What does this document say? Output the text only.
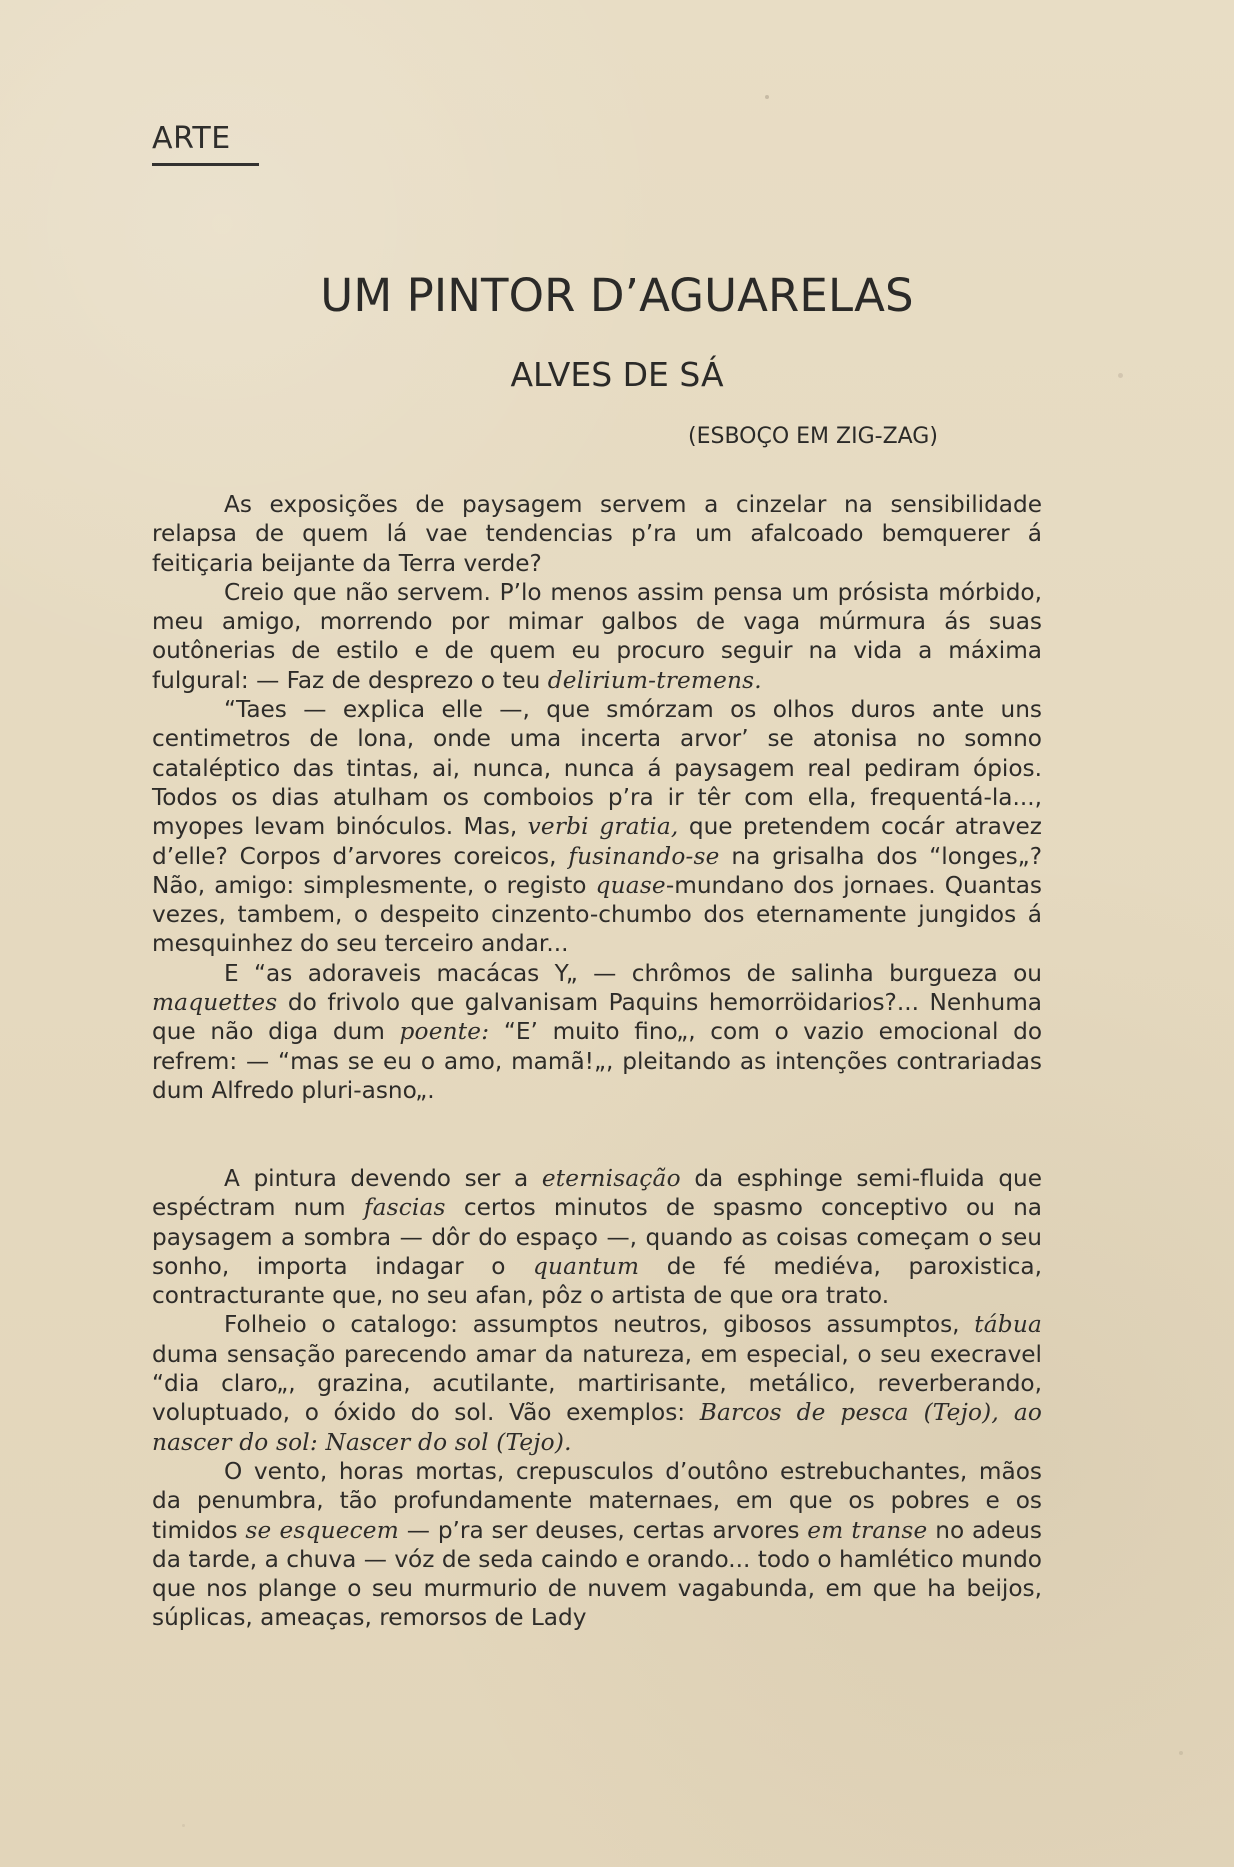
ARTE
UM PINTOR D’AGUARELAS
ALVES DE SÁ
(ESBOÇO EM ZIG-ZAG)

As exposições de paysagem servem a cinzelar na sensibilidade relapsa de quem lá vae tendencias p’ra um afalcoado bemquerer á feitiçaria beijante da Terra verde?

Creio que não servem. P’lo menos assim pensa um prósista mórbido, meu amigo, morrendo por mimar galbos de vaga múrmura ás suas outônerias de estilo e de quem eu procuro seguir na vida a máxima fulgural: — Faz de desprezo o teu delirium-tremens.

“Taes — explica elle —, que smórzam os olhos duros ante uns centimetros de lona, onde uma incerta arvor’ se atonisa no somno cataléptico das tintas, ai, nunca, nunca á paysagem real pediram ópios. Todos os dias atulham os comboios p’ra ir têr com ella, frequentá-la..., myopes levam binóculos. Mas, verbi gratia, que pretendem cocár atravez d’elle? Corpos d’arvores coreicos, fusinando-se na grisalha dos “longes„? Não, amigo: simplesmente, o registo quase-mundano dos jornaes. Quantas vezes, tambem, o despeito cinzento-chumbo dos eternamente jungidos á mesquinhez do seu terceiro andar...

E “as adoraveis macácas Y„ — chrômos de salinha burgueza ou maquettes do frivolo que galvanisam Paquins hemorröidarios?... Nenhuma que não diga dum poente: “E’ muito fino„, com o vazio emocional do refrem: — “mas se eu o amo, mamã!„, pleitando as intenções contrariadas dum Alfredo pluri-asno„.

A pintura devendo ser a eternisação da esphinge semi-fluida que espéctram num fascias certos minutos de spasmo conceptivo ou na paysagem a sombra — dôr do espaço —, quando as coisas começam o seu sonho, importa indagar o quantum de fé mediéva, paroxistica, contracturante que, no seu afan, pôz o artista de que ora trato.

Folheio o catalogo: assumptos neutros, gibosos assumptos, tábua duma sensação parecendo amar da natureza, em especial, o seu execravel “dia claro„, grazina, acutilante, martirisante, metálico, reverberando, voluptuado, o óxido do sol. Vão exemplos: Barcos de pesca (Tejo), ao nascer do sol: Nascer do sol (Tejo).

O vento, horas mortas, crepusculos d’outôno estrebuchantes, mãos da penumbra, tão profundamente maternaes, em que os pobres e os timidos se esquecem — p’ra ser deuses, certas arvores em transe no adeus da tarde, a chuva — vóz de seda caindo e orando... todo o hamlético mundo que nos plange o seu murmurio de nuvem vagabunda, em que ha beijos, súplicas, ameaças, remorsos de Lady
